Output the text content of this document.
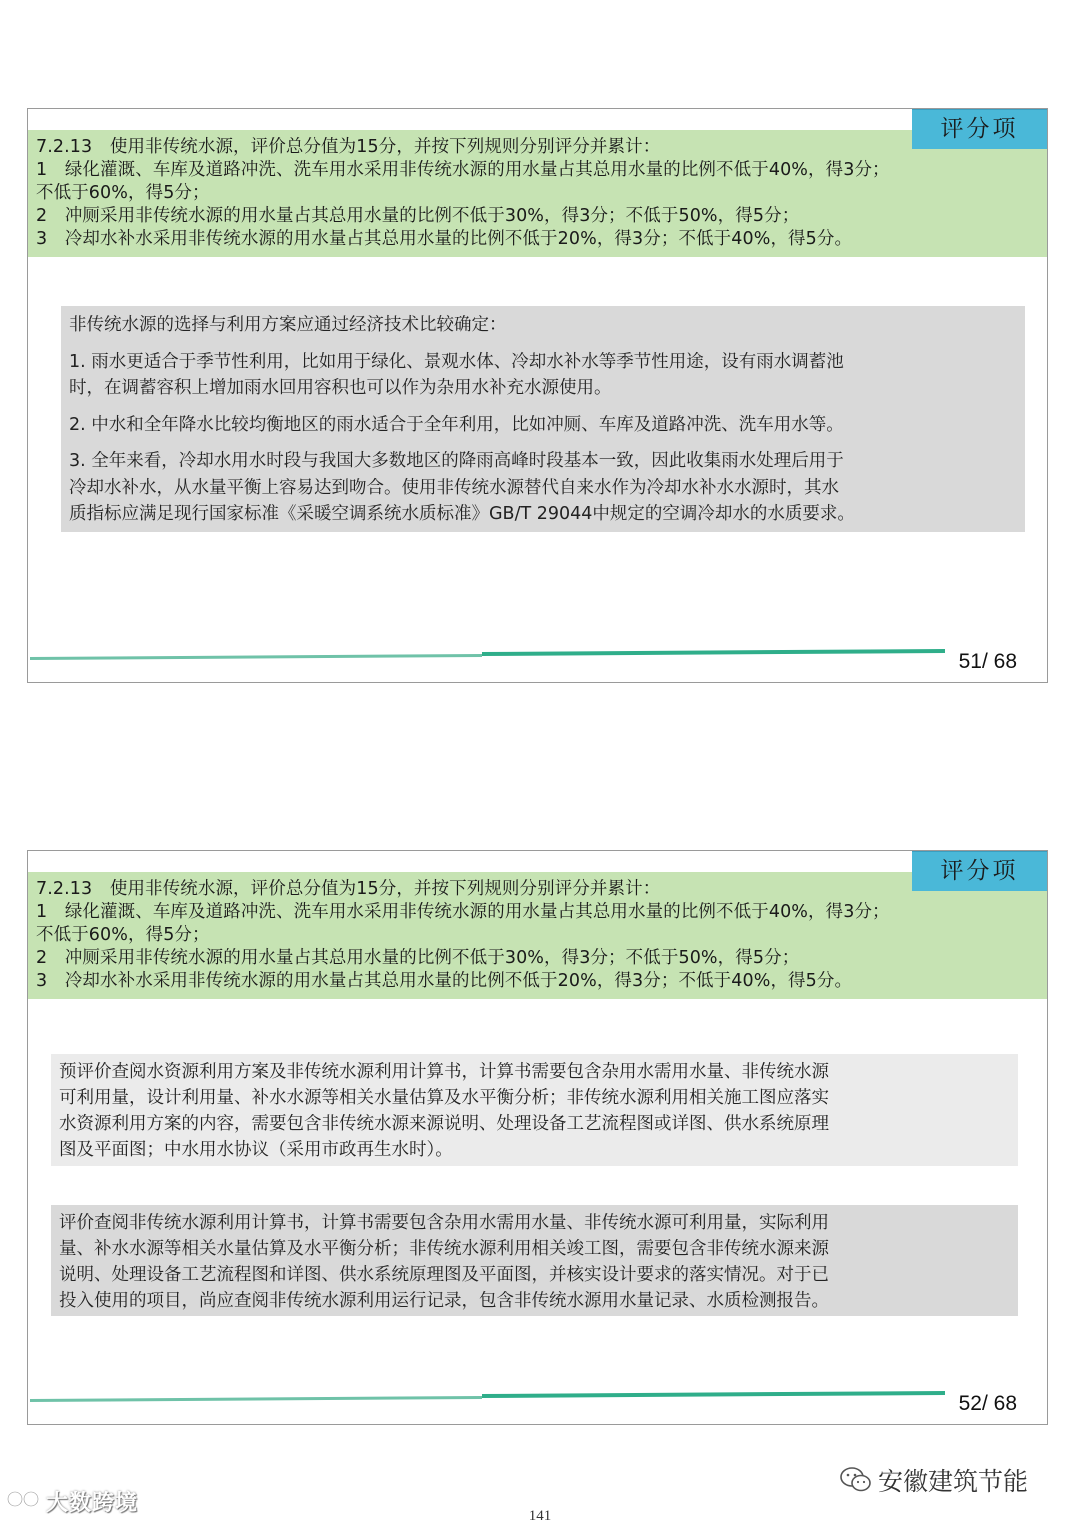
7.2.13　使用非传统水源，评价总分值为15分，并按下列规则分别评分并累计：
1　绿化灌溉、车库及道路冲洗、洗车用水采用非传统水源的用水量占其总用水量的比例不低于40%，得3分；
不低于60%，得5分；
2　冲厕采用非传统水源的用水量占其总用水量的比例不低于30%，得3分；不低于50%，得5分；
3　冷却水补水采用非传统水源的用水量占其总用水量的比例不低于20%，得3分；不低于40%，得5分。
评分项

非传统水源的选择与利用方案应通过经济技术比较确定：

1. 雨水更适合于季节性利用，比如用于绿化、景观水体、冷却水补水等季节性用途，设有雨水调蓄池

时，在调蓄容积上增加雨水回用容积也可以作为杂用水补充水源使用。

2. 中水和全年降水比较均衡地区的雨水适合于全年利用，比如冲厕、车库及道路冲洗、洗车用水等。

3. 全年来看，冷却水用水时段与我国大多数地区的降雨高峰时段基本一致，因此收集雨水处理后用于

冷却水补水，从水量平衡上容易达到吻合。使用非传统水源替代自来水作为冷却水补水水源时，其水

质指标应满足现行国家标准《采暖空调系统水质标准》GB/T 29044中规定的空调冷却水的水质要求。

51/ 68
7.2.13　使用非传统水源，评价总分值为15分，并按下列规则分别评分并累计：
1　绿化灌溉、车库及道路冲洗、洗车用水采用非传统水源的用水量占其总用水量的比例不低于40%，得3分；
不低于60%，得5分；
2　冲厕采用非传统水源的用水量占其总用水量的比例不低于30%，得3分；不低于50%，得5分；
3　冷却水补水采用非传统水源的用水量占其总用水量的比例不低于20%，得3分；不低于40%，得5分。
评分项

预评价查阅水资源利用方案及非传统水源利用计算书，计算书需要包含杂用水需用水量、非传统水源

可利用量，设计利用量、补水水源等相关水量估算及水平衡分析；非传统水源利用相关施工图应落实

水资源利用方案的内容，需要包含非传统水源来源说明、处理设备工艺流程图或详图、供水系统原理

图及平面图；中水用水协议（采用市政再生水时）。

评价查阅非传统水源利用计算书，计算书需要包含杂用水需用水量、非传统水源可利用量，实际利用

量、补水水源等相关水量估算及水平衡分析；非传统水源利用相关竣工图，需要包含非传统水源来源

说明、处理设备工艺流程图和详图、供水系统原理图及平面图，并核实设计要求的落实情况。对于已

投入使用的项目，尚应查阅非传统水源利用运行记录，包含非传统水源用水量记录、水质检测报告。

52/ 68
大数跨境
安徽建筑节能
141
